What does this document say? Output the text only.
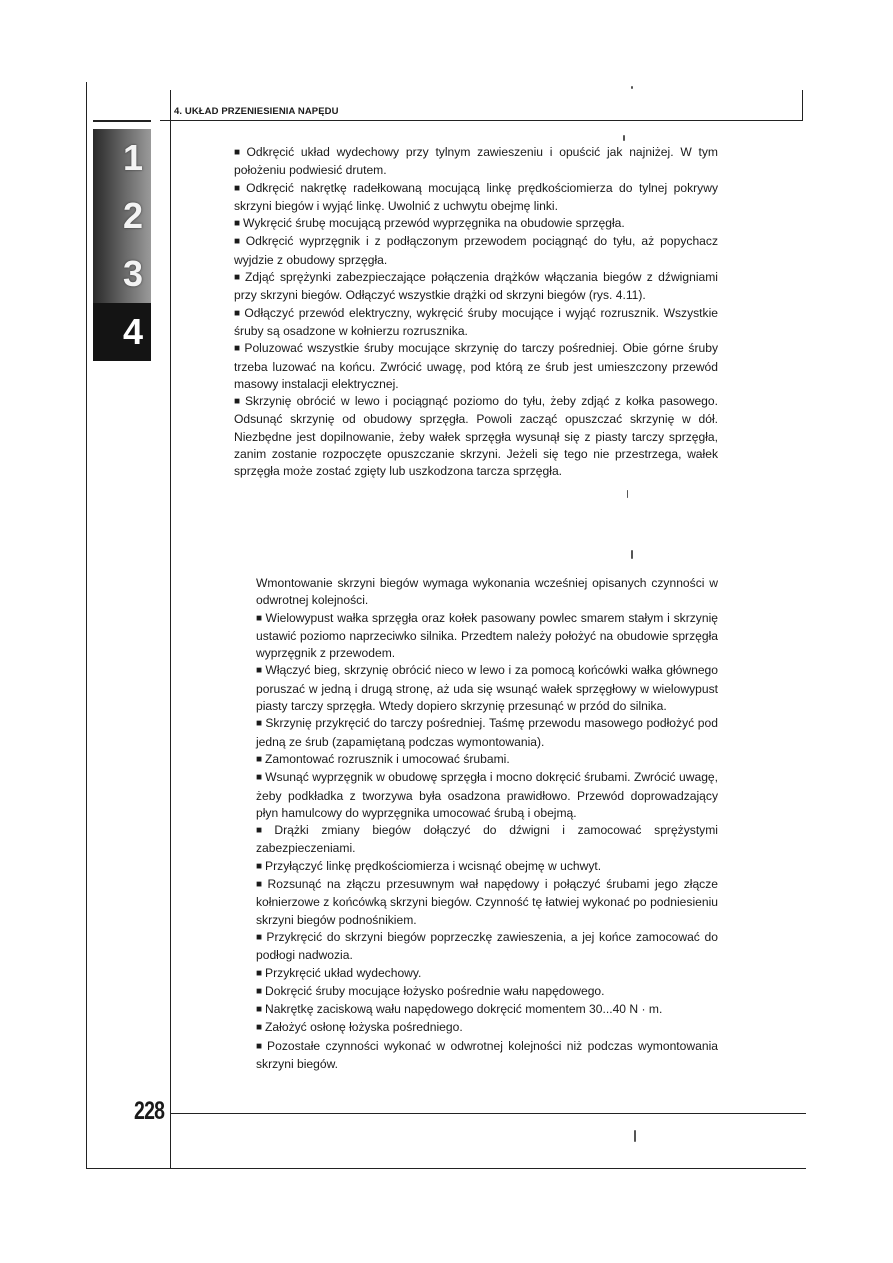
4. UKŁAD PRZENIESIENIA NAPĘDU
1
2
3
4

■ Odkręcić układ wydechowy przy tylnym zawieszeniu i opuścić jak najniżej. W tym położeniu podwiesić drutem.

■ Odkręcić nakrętkę radełkowaną mocującą linkę prędkościomierza do tylnej pokrywy skrzyni biegów i wyjąć linkę. Uwolnić z uchwytu obejmę linki.

■ Wykręcić śrubę mocującą przewód wyprzęgnika na obudowie sprzęgła.

■ Odkręcić wyprzęgnik i z podłączonym przewodem pociągnąć do tyłu, aż popychacz wyjdzie z obudowy sprzęgła.

■ Zdjąć sprężynki zabezpieczające połączenia drążków włączania biegów z dźwigniami przy skrzyni biegów. Odłączyć wszystkie drążki od skrzyni biegów (rys. 4.11).

■ Odłączyć przewód elektryczny, wykręcić śruby mocujące i wyjąć rozrusznik. Wszystkie śruby są osadzone w kołnierzu rozrusznika.

■ Poluzować wszystkie śruby mocujące skrzynię do tarczy pośredniej. Obie górne śruby trzeba luzować na końcu. Zwrócić uwagę, pod którą ze śrub jest umieszczony przewód masowy instalacji elektrycznej.

■ Skrzynię obrócić w lewo i pociągnąć poziomo do tyłu, żeby zdjąć z kołka pasowego. Odsunąć skrzynię od obudowy sprzęgła. Powoli zacząć opuszczać skrzynię w dół. Niezbędne jest dopilnowanie, żeby wałek sprzęgła wysunął się z piasty tarczy sprzęgła, zanim zostanie rozpoczęte opuszczanie skrzyni. Jeżeli się tego nie przestrzega, wałek sprzęgła może zostać zgięty lub uszkodzona tarcza sprzęgła.

Wmontowanie skrzyni biegów wymaga wykonania wcześniej opisanych czynności w odwrotnej kolejności.

■ Wielowypust wałka sprzęgła oraz kołek pasowany powlec smarem stałym i skrzynię ustawić poziomo naprzeciwko silnika. Przedtem należy położyć na obudowie sprzęgła wyprzęgnik z przewodem.

■ Włączyć bieg, skrzynię obrócić nieco w lewo i za pomocą końcówki wałka głównego poruszać w jedną i drugą stronę, aż uda się wsunąć wałek sprzęgłowy w wielowypust piasty tarczy sprzęgła. Wtedy dopiero skrzynię przesunąć w przód do silnika.

■ Skrzynię przykręcić do tarczy pośredniej. Taśmę przewodu masowego podłożyć pod jedną ze śrub (zapamiętaną podczas wymontowania).

■ Zamontować rozrusznik i umocować śrubami.

■ Wsunąć wyprzęgnik w obudowę sprzęgła i mocno dokręcić śrubami. Zwrócić uwagę, żeby podkładka z tworzywa była osadzona prawidłowo. Przewód doprowadzający płyn hamulcowy do wyprzęgnika umocować śrubą i obejmą.

■ Drążki zmiany biegów dołączyć do dźwigni i zamocować sprężystymi zabezpieczeniami.

■ Przyłączyć linkę prędkościomierza i wcisnąć obejmę w uchwyt.

■ Rozsunąć na złączu przesuwnym wał napędowy i połączyć śrubami jego złącze kołnierzowe z końcówką skrzyni biegów. Czynność tę łatwiej wykonać po podniesieniu skrzyni biegów podnośnikiem.

■ Przykręcić do skrzyni biegów poprzeczkę zawieszenia, a jej końce zamocować do podłogi nadwozia.

■ Przykręcić układ wydechowy.

■ Dokręcić śruby mocujące łożysko pośrednie wału napędowego.

■ Nakrętkę zaciskową wału napędowego dokręcić momentem 30...40 N · m.

■ Założyć osłonę łożyska pośredniego.

■ Pozostałe czynności wykonać w odwrotnej kolejności niż podczas wymontowania skrzyni biegów.

228
